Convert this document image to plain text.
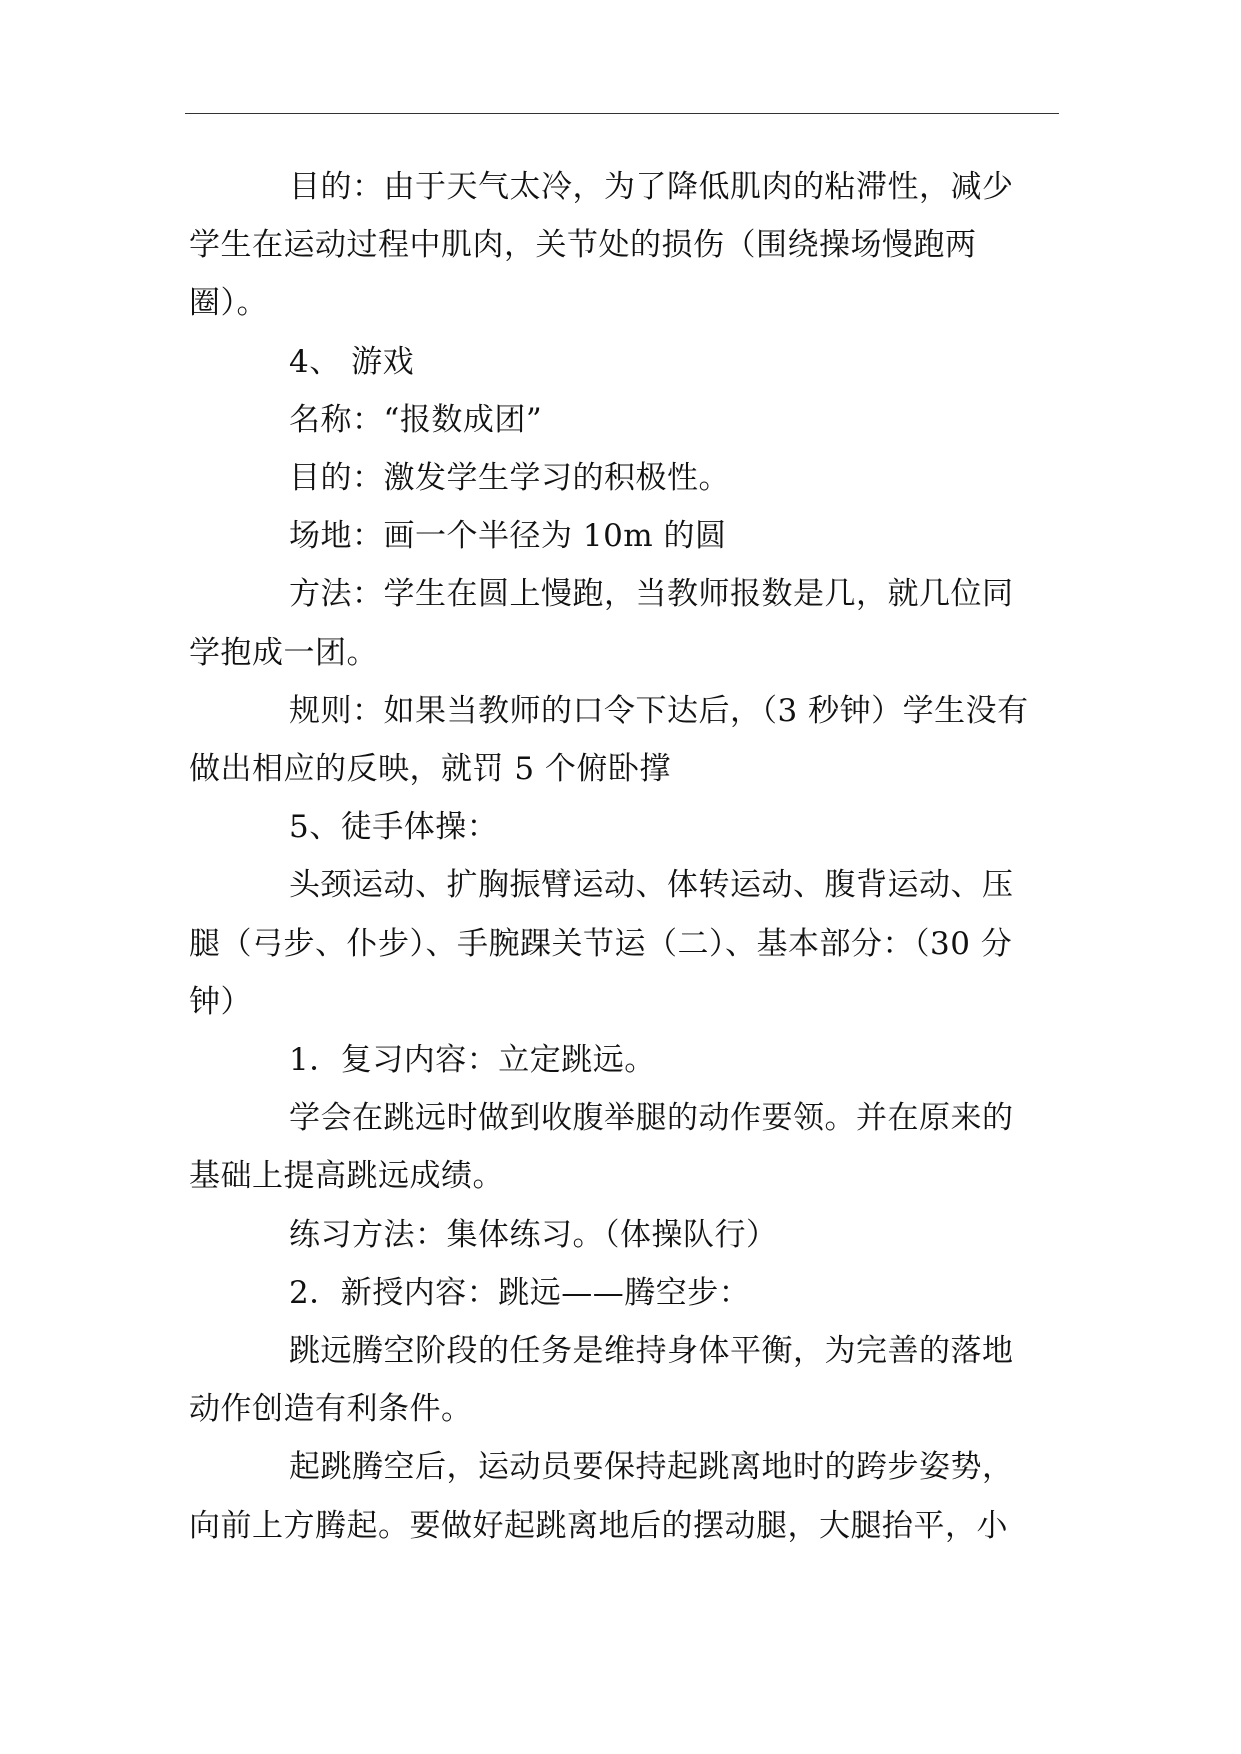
目的：由于天气太冷，为了降低肌肉的粘滞性，减少
学生在运动过程中肌肉，关节处的损伤（围绕操场慢跑两
圈）。

4、 游戏

名称：“报数成团”

目的：激发学生学习的积极性。

场地：画一个半径为 10m 的圆

方法：学生在圆上慢跑，当教师报数是几，就几位同
学抱成一团。

规则：如果当教师的口令下达后，（3 秒钟）学生没有
做出相应的反映，就罚 5 个俯卧撑

5、徒手体操：

头颈运动、扩胸振臂运动、体转运动、腹背运动、压
腿（弓步、仆步）、手腕踝关节运（二）、基本部分：（30 分
钟）

1．复习内容：立定跳远。

学会在跳远时做到收腹举腿的动作要领。并在原来的
基础上提高跳远成绩。

练习方法：集体练习。（体操队行）

2．新授内容：跳远——腾空步：

跳远腾空阶段的任务是维持身体平衡，为完善的落地
动作创造有利条件。

起跳腾空后，运动员要保持起跳离地时的跨步姿势，
向前上方腾起。要做好起跳离地后的摆动腿，大腿抬平，小
